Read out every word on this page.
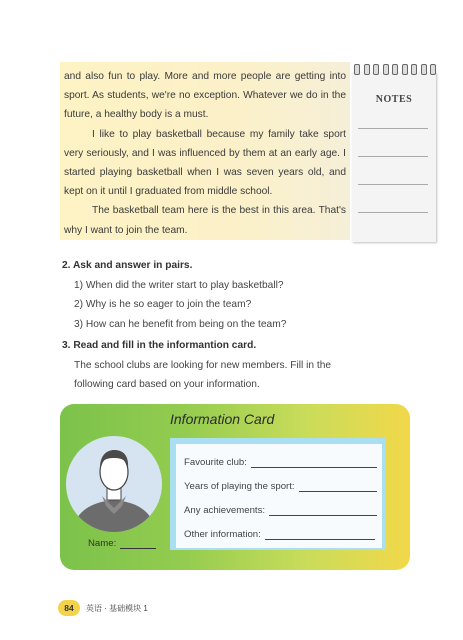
and also fun to play. More and more people are getting into sport. As students, we're no exception. Whatever we do in the future, a healthy body is a must.

I like to play basketball because my family take sport very seriously, and I was influenced by them at an early age. I started playing basketball when I was seven years old, and kept on it until I graduated from middle school.

The basketball team here is the best in this area. That's why I want to join the team.

NOTES
2. Ask and answer in pairs.
1) When did the writer start to play basketball?
2) Why is he so eager to join the team?
3) How can he benefit from being on the team?
3. Read and fill in the informantion card.
The school clubs are looking for new members. Fill in the following card based on your information.
Information Card
Favourite club:
Years of playing the sport:
Any achievements:
Other information:
Name:
84	英语 · 基础模块 1
